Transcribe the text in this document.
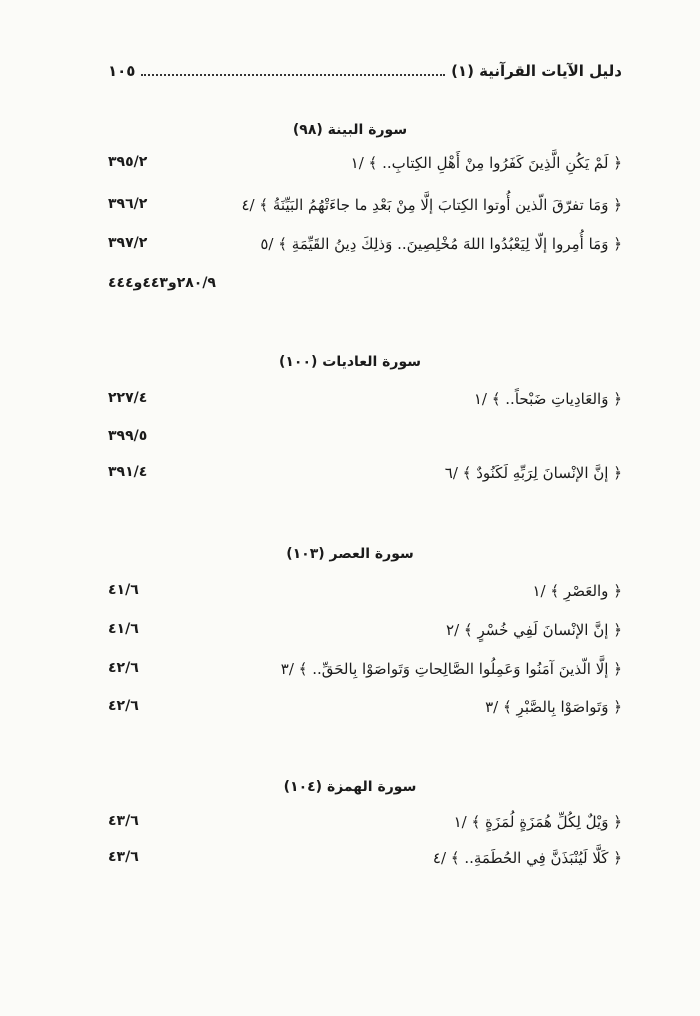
دليل الآيات القرآنية (١)
١٠٥
سورة البينة (٩٨)
﴿ لَمْ يَكُنِ الَّذِينَ كَفَرُوا مِنْ أَهْلِ الكِتابِ.. ﴾ /١
٣٩٥/٢
﴿ وَمَا تفرّقَ الّذين أُوتوا الكِتابَ إلَّا مِنْ بَعْدِ ما جاءَتْهُمُ البَيِّنَةُ ﴾ /٤
٣٩٦/٢
﴿ وَمَا أُمِروا إلّا لِيَعْبُدُوا اللهَ مُخْلِصِينَ.. وَذلِكَ دِينُ القَيِّمَةِ ﴾ /٥
٣٩٧/٢
٢٨٠/٩و٤٤٣و٤٤٤
سورة العاديات (١٠٠)
﴿ وَالعَادِياتِ ضَبْحاً.. ﴾ /١
٢٢٧/٤
٣٩٩/٥
﴿ إنَّ الإنْسانَ لِرَبِّهِ لَكَنُودٌ ﴾ /٦
٣٩١/٤
سورة العصر (١٠٣)
﴿ والعَصْرِ ﴾ /١
٤١/٦
﴿ إنَّ الإنْسانَ لَفِي خُسْرٍ ﴾ /٢
٤١/٦
﴿ إلَّا الّذينَ آمَنُوا وَعَمِلُوا الصَّالِحاتِ وَتَواصَوْا بِالحَقِّ.. ﴾ /٣
٤٢/٦
﴿ وَتَواصَوْا بِالصَّبْرِ ﴾ /٣
٤٢/٦
سورة الهمزة (١٠٤)
﴿ وَيْلٌ لِكُلِّ هُمَزَةٍ لُمَزَةٍ ﴾ /١
٤٣/٦
﴿ كَلَّا لَيُنْبَذَنَّ فِي الحُطَمَةِ.. ﴾ /٤
٤٣/٦
